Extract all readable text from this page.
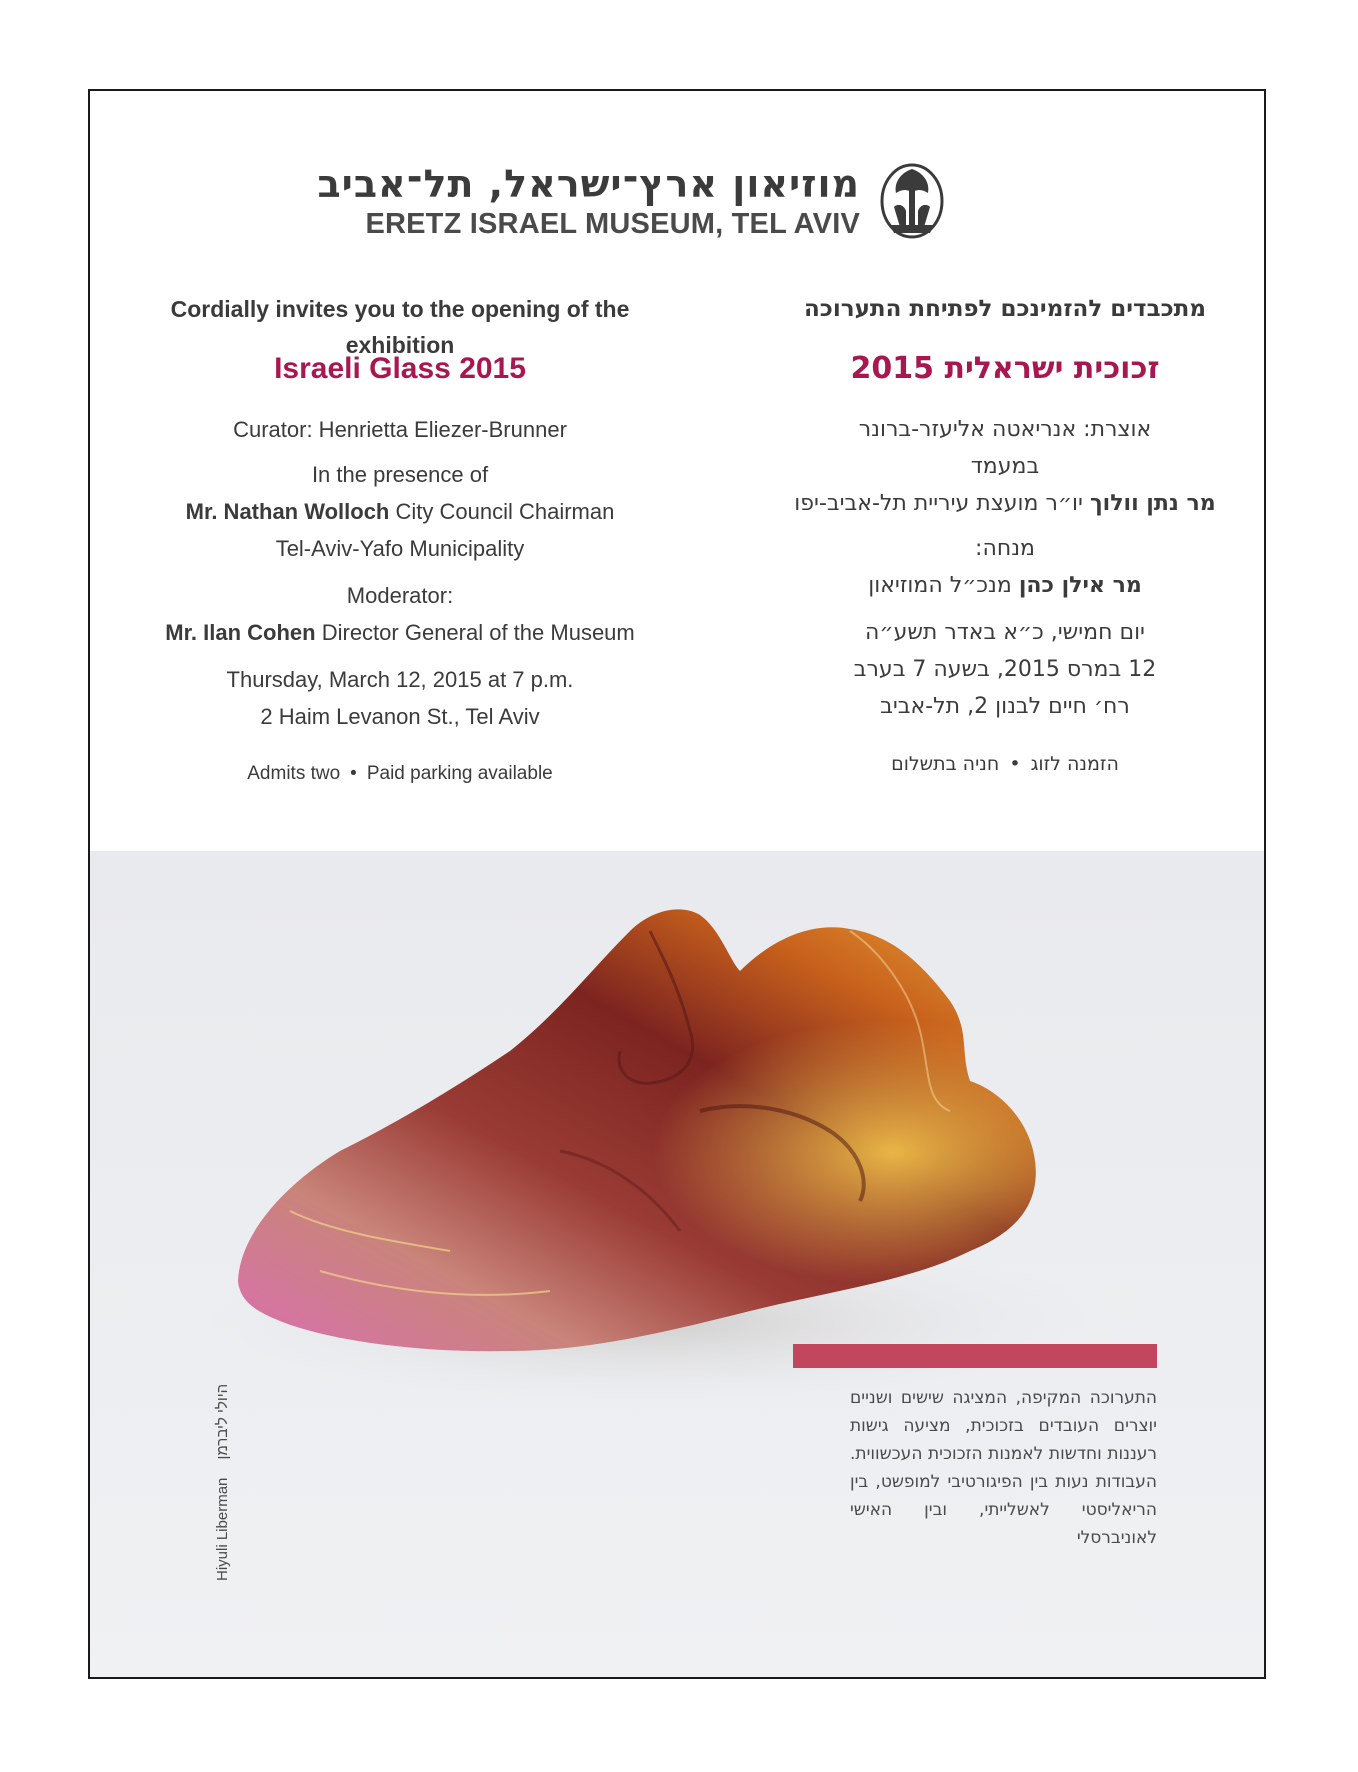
מוזיאון ארץ־ישראל, תל־אביב
ERETZ ISRAEL MUSEUM, TEL AVIV
Cordially invites you to the opening of the exhibition
Israeli Glass 2015
Curator: Henrietta Eliezer-Brunner
In the presence of
Mr. Nathan Wolloch City Council Chairman
Tel-Aviv-Yafo Municipality
Moderator:
Mr. Ilan Cohen Director General of the Museum
Thursday, March 12, 2015 at 7 p.m.
2 Haim Levanon St., Tel Aviv
Admits two • Paid parking available
מתכבדים להזמינכם לפתיחת התערוכה
זכוכית ישראלית 2015
אוצרת: אנריאטה אליעזר-ברונר
במעמד
מר נתן וולוך יו״ר מועצת עיריית תל-אביב-יפו
מנחה:
מר אילן כהן מנכ״ל המוזיאון
יום חמישי, כ״א באדר תשע״ה
12 במרס 2015, בשעה 7 בערב
רח׳ חיים לבנון 2, תל-אביב
הזמנה לזוג•חניה בתשלום
התערוכה המקיפה, המציגה שישים ושניים יוצרים העובדים בזכוכית, מציעה גישות רעננות וחדשות לאמנות הזכוכית העכשווית. העבודות נעות בין הפיגורטיבי למופשט, בין הריאליסטי לאשלייתי, ובין האישי לאוניברסלי
Hiyuli Liberman היולי ליברמן
